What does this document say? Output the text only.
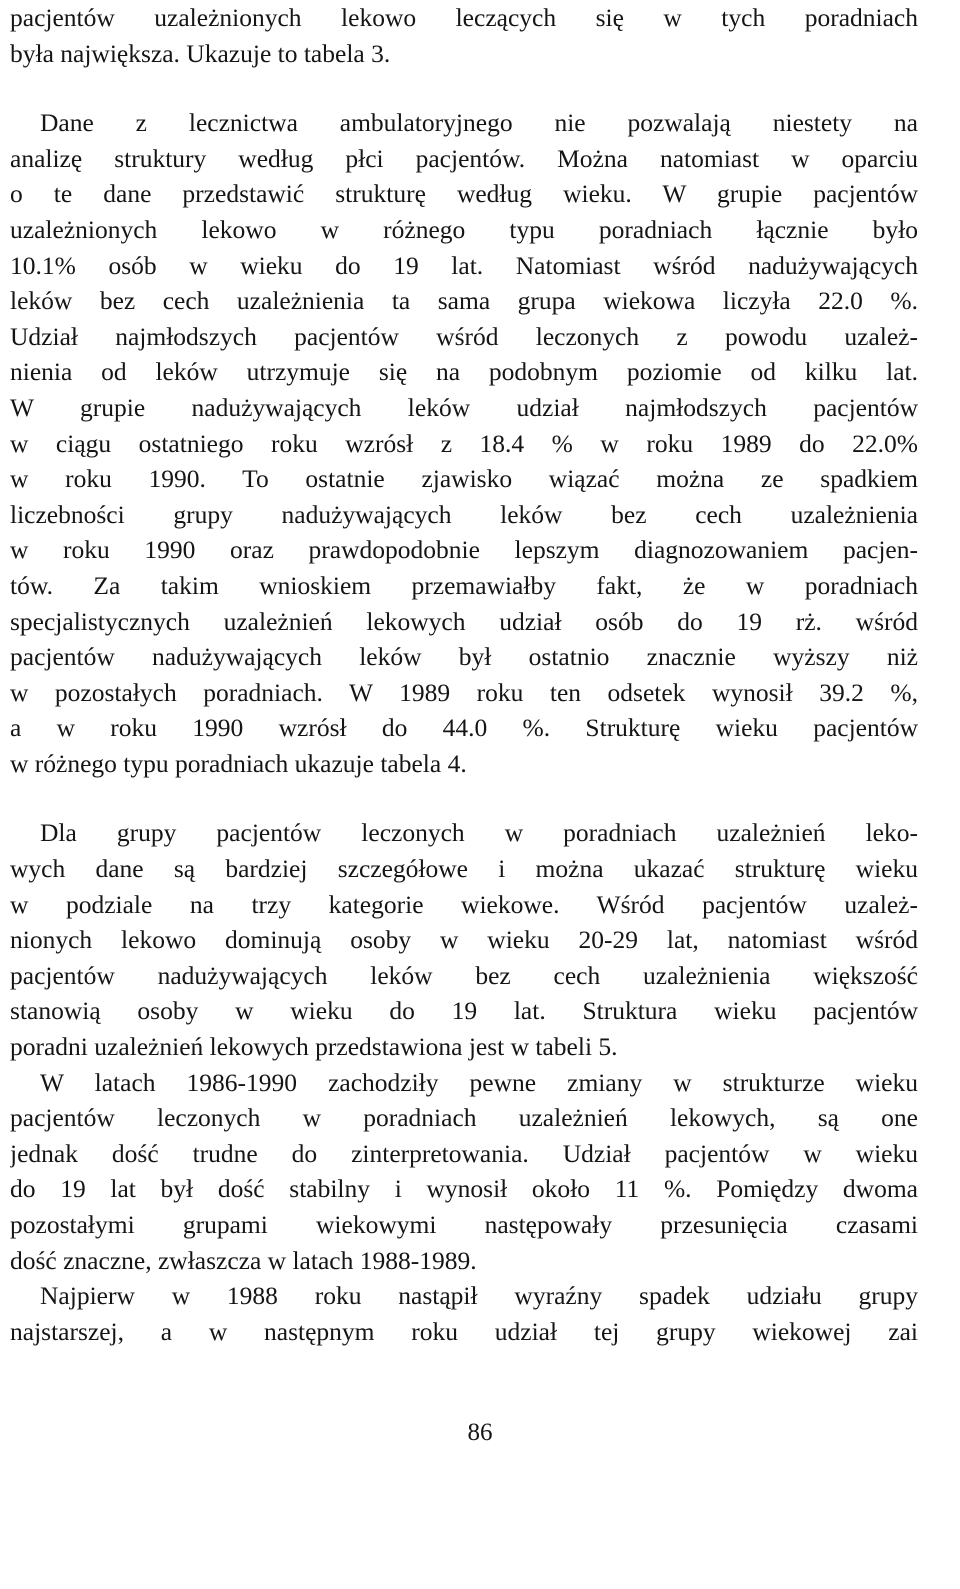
pacjentów uzależnionych lekowo leczących się w tych poradniach
była największa. Ukazuje to tabela 3.
Dane z lecznictwa ambulatoryjnego nie pozwalają niestety na
analizę struktury według płci pacjentów. Można natomiast w oparciu
o te dane przedstawić strukturę według wieku. W grupie pacjentów
uzależnionych lekowo w różnego typu poradniach łącznie było
10.1% osób w wieku do 19 lat. Natomiast wśród nadużywających
leków bez cech uzależnienia ta sama grupa wiekowa liczyła 22.0 %.
Udział najmłodszych pacjentów wśród leczonych z powodu uzależ-
nienia od leków utrzymuje się na podobnym poziomie od kilku lat.
W grupie nadużywających leków udział najmłodszych pacjentów
w ciągu ostatniego roku wzrósł z 18.4 % w roku 1989 do 22.0%
w roku 1990. To ostatnie zjawisko wiązać można ze spadkiem
liczebności grupy nadużywających leków bez cech uzależnienia
w roku 1990 oraz prawdopodobnie lepszym diagnozowaniem pacjen-
tów. Za takim wnioskiem przemawiałby fakt, że w poradniach
specjalistycznych uzależnień lekowych udział osób do 19 rż. wśród
pacjentów nadużywających leków był ostatnio znacznie wyższy niż
w pozostałych poradniach. W 1989 roku ten odsetek wynosił 39.2 %,
a w roku 1990 wzrósł do 44.0 %. Strukturę wieku pacjentów
w różnego typu poradniach ukazuje tabela 4.
Dla grupy pacjentów leczonych w poradniach uzależnień leko-
wych dane są bardziej szczegółowe i można ukazać strukturę wieku
w podziale na trzy kategorie wiekowe. Wśród pacjentów uzależ-
nionych lekowo dominują osoby w wieku 20-29 lat, natomiast wśród
pacjentów nadużywających leków bez cech uzależnienia większość
stanowią osoby w wieku do 19 lat. Struktura wieku pacjentów
poradni uzależnień lekowych przedstawiona jest w tabeli 5.
W latach 1986-1990 zachodziły pewne zmiany w strukturze wieku
pacjentów leczonych w poradniach uzależnień lekowych, są one
jednak dość trudne do zinterpretowania. Udział pacjentów w wieku
do 19 lat był dość stabilny i wynosił około 11 %. Pomiędzy dwoma
pozostałymi grupami wiekowymi następowały przesunięcia czasami
dość znaczne, zwłaszcza w latach 1988-1989.
Najpierw w 1988 roku nastąpił wyraźny spadek udziału grupy
najstarszej, a w następnym roku udział tej grupy wiekowej zai
86
